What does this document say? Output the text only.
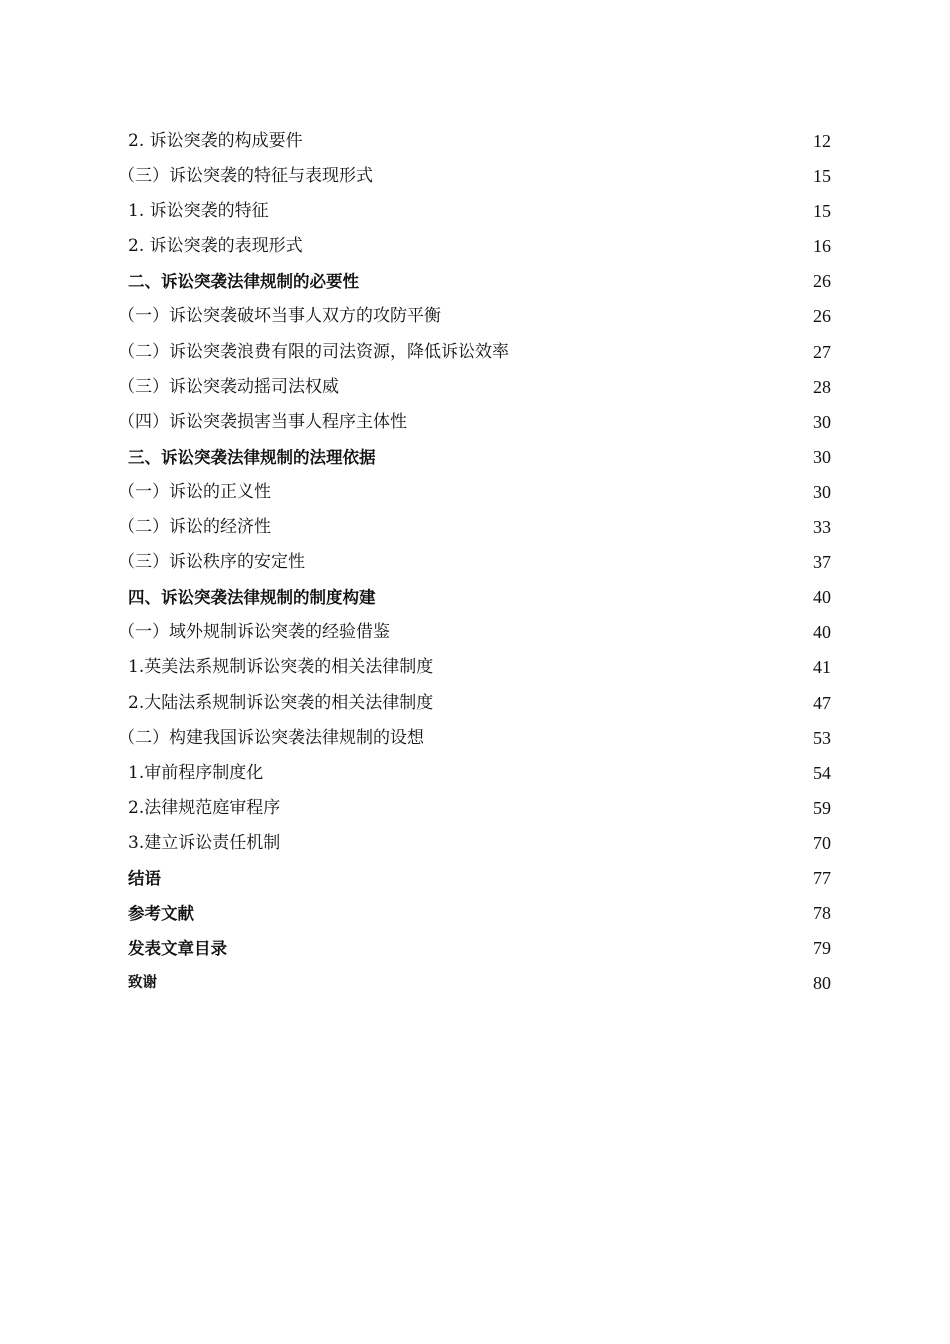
2. 诉讼突袭的构成要件	12
（三）诉讼突袭的特征与表现形式	15
1. 诉讼突袭的特征	15
2. 诉讼突袭的表现形式	16
二、诉讼突袭法律规制的必要性	26
（一）诉讼突袭破坏当事人双方的攻防平衡	26
（二）诉讼突袭浪费有限的司法资源，降低诉讼效率	27
（三）诉讼突袭动摇司法权威	28
（四）诉讼突袭损害当事人程序主体性	30
三、诉讼突袭法律规制的法理依据	30
（一）诉讼的正义性	30
（二）诉讼的经济性	33
（三）诉讼秩序的安定性	37
四、诉讼突袭法律规制的制度构建	40
（一）域外规制诉讼突袭的经验借鉴	40
1.英美法系规制诉讼突袭的相关法律制度	41
2.大陆法系规制诉讼突袭的相关法律制度	47
（二）构建我国诉讼突袭法律规制的设想	53
1.审前程序制度化	54
2.法律规范庭审程序	59
3.建立诉讼责任机制	70
结语	77
参考文献	78
发表文章目录	79
致谢	80
